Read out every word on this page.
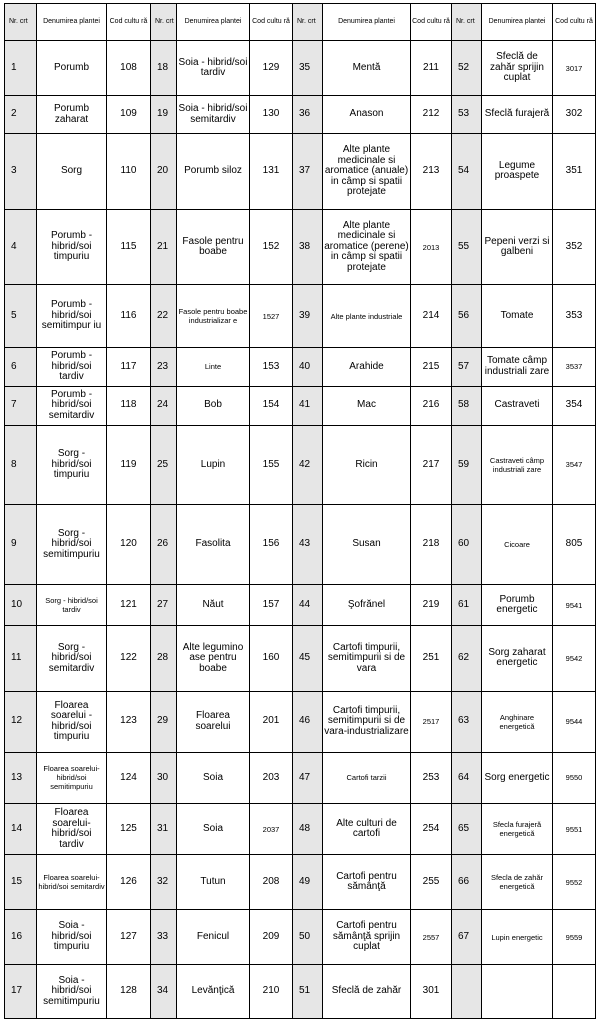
Nr. crt	Denumirea plantei	Cod cultu ră	Nr. crt	Denumirea plantei	Cod cultu ră	Nr. crt	Denumirea plantei	Cod cultu ră	Nr. crt	Denumirea plantei	Cod cultu ră
1	Porumb	108	18	Soia - hibrid/soi tardiv	129	35	Mentă	211	52	Sfeclă de zahăr sprijin cuplat	3017
2	Porumb zaharat	109	19	Soia - hibrid/soi semitardiv	130	36	Anason	212	53	Sfeclă furajeră	302
3	Sorg	110	20	Porumb siloz	131	37	Alte plante medicinale si aromatice (anuale) in câmp si spatii protejate	213	54	Legume proaspete	351
4	Porumb - hibrid/soi timpuriu	115	21	Fasole pentru boabe	152	38	Alte plante medicinale si aromatice (perene) in câmp si spatii protejate	2013	55	Pepeni verzi si galbeni	352
5	Porumb - hibrid/soi semitimpur iu	116	22	Fasole pentru boabe industrializar e	1527	39	Alte plante industriale	214	56	Tomate	353
6	Porumb - hibrid/soi tardiv	117	23	Linte	153	40	Arahide	215	57	Tomate câmp industriali zare	3537
7	Porumb - hibrid/soi semitardiv	118	24	Bob	154	41	Mac	216	58	Castraveti	354
8	Sorg - hibrid/soi timpuriu	119	25	Lupin	155	42	Ricin	217	59	Castraveti câmp industriali zare	3547
9	Sorg - hibrid/soi semitimpuriu	120	26	Fasolita	156	43	Susan	218	60	Cicoare	805
10	Sorg - hibrid/soi tardiv	121	27	Năut	157	44	Şofrănel	219	61	Porumb energetic	9541
11	Sorg - hibrid/soi semitardiv	122	28	Alte legumino ase pentru boabe	160	45	Cartofi timpurii, semitimpurii si de vara	251	62	Sorg zaharat energetic	9542
12	Floarea soarelui - hibrid/soi timpuriu	123	29	Floarea soarelui	201	46	Cartofi timpurii, semitimpurii si de vara-industrializare	2517	63	Anghinare energetică	9544
13	Floarea soarelui- hibrid/soi semitimpuriu	124	30	Soia	203	47	Cartofi tarzii	253	64	Sorg energetic	9550
14	Floarea soarelui- hibrid/soi tardiv	125	31	Soia	2037	48	Alte culturi de cartofi	254	65	Sfecla furajeră energetică	9551
15	Floarea soarelui- hibrid/soi semitardiv	126	32	Tutun	208	49	Cartofi pentru sămânţă	255	66	Sfecla de zahăr energetică	9552
16	Soia - hibrid/soi timpuriu	127	33	Fenicul	209	50	Cartofi pentru sămânţă sprijin cuplat	2557	67	Lupin energetic	9559
17	Soia - hibrid/soi semitimpuriu	128	34	Levănţică	210	51	Sfeclă de zahăr	301			
